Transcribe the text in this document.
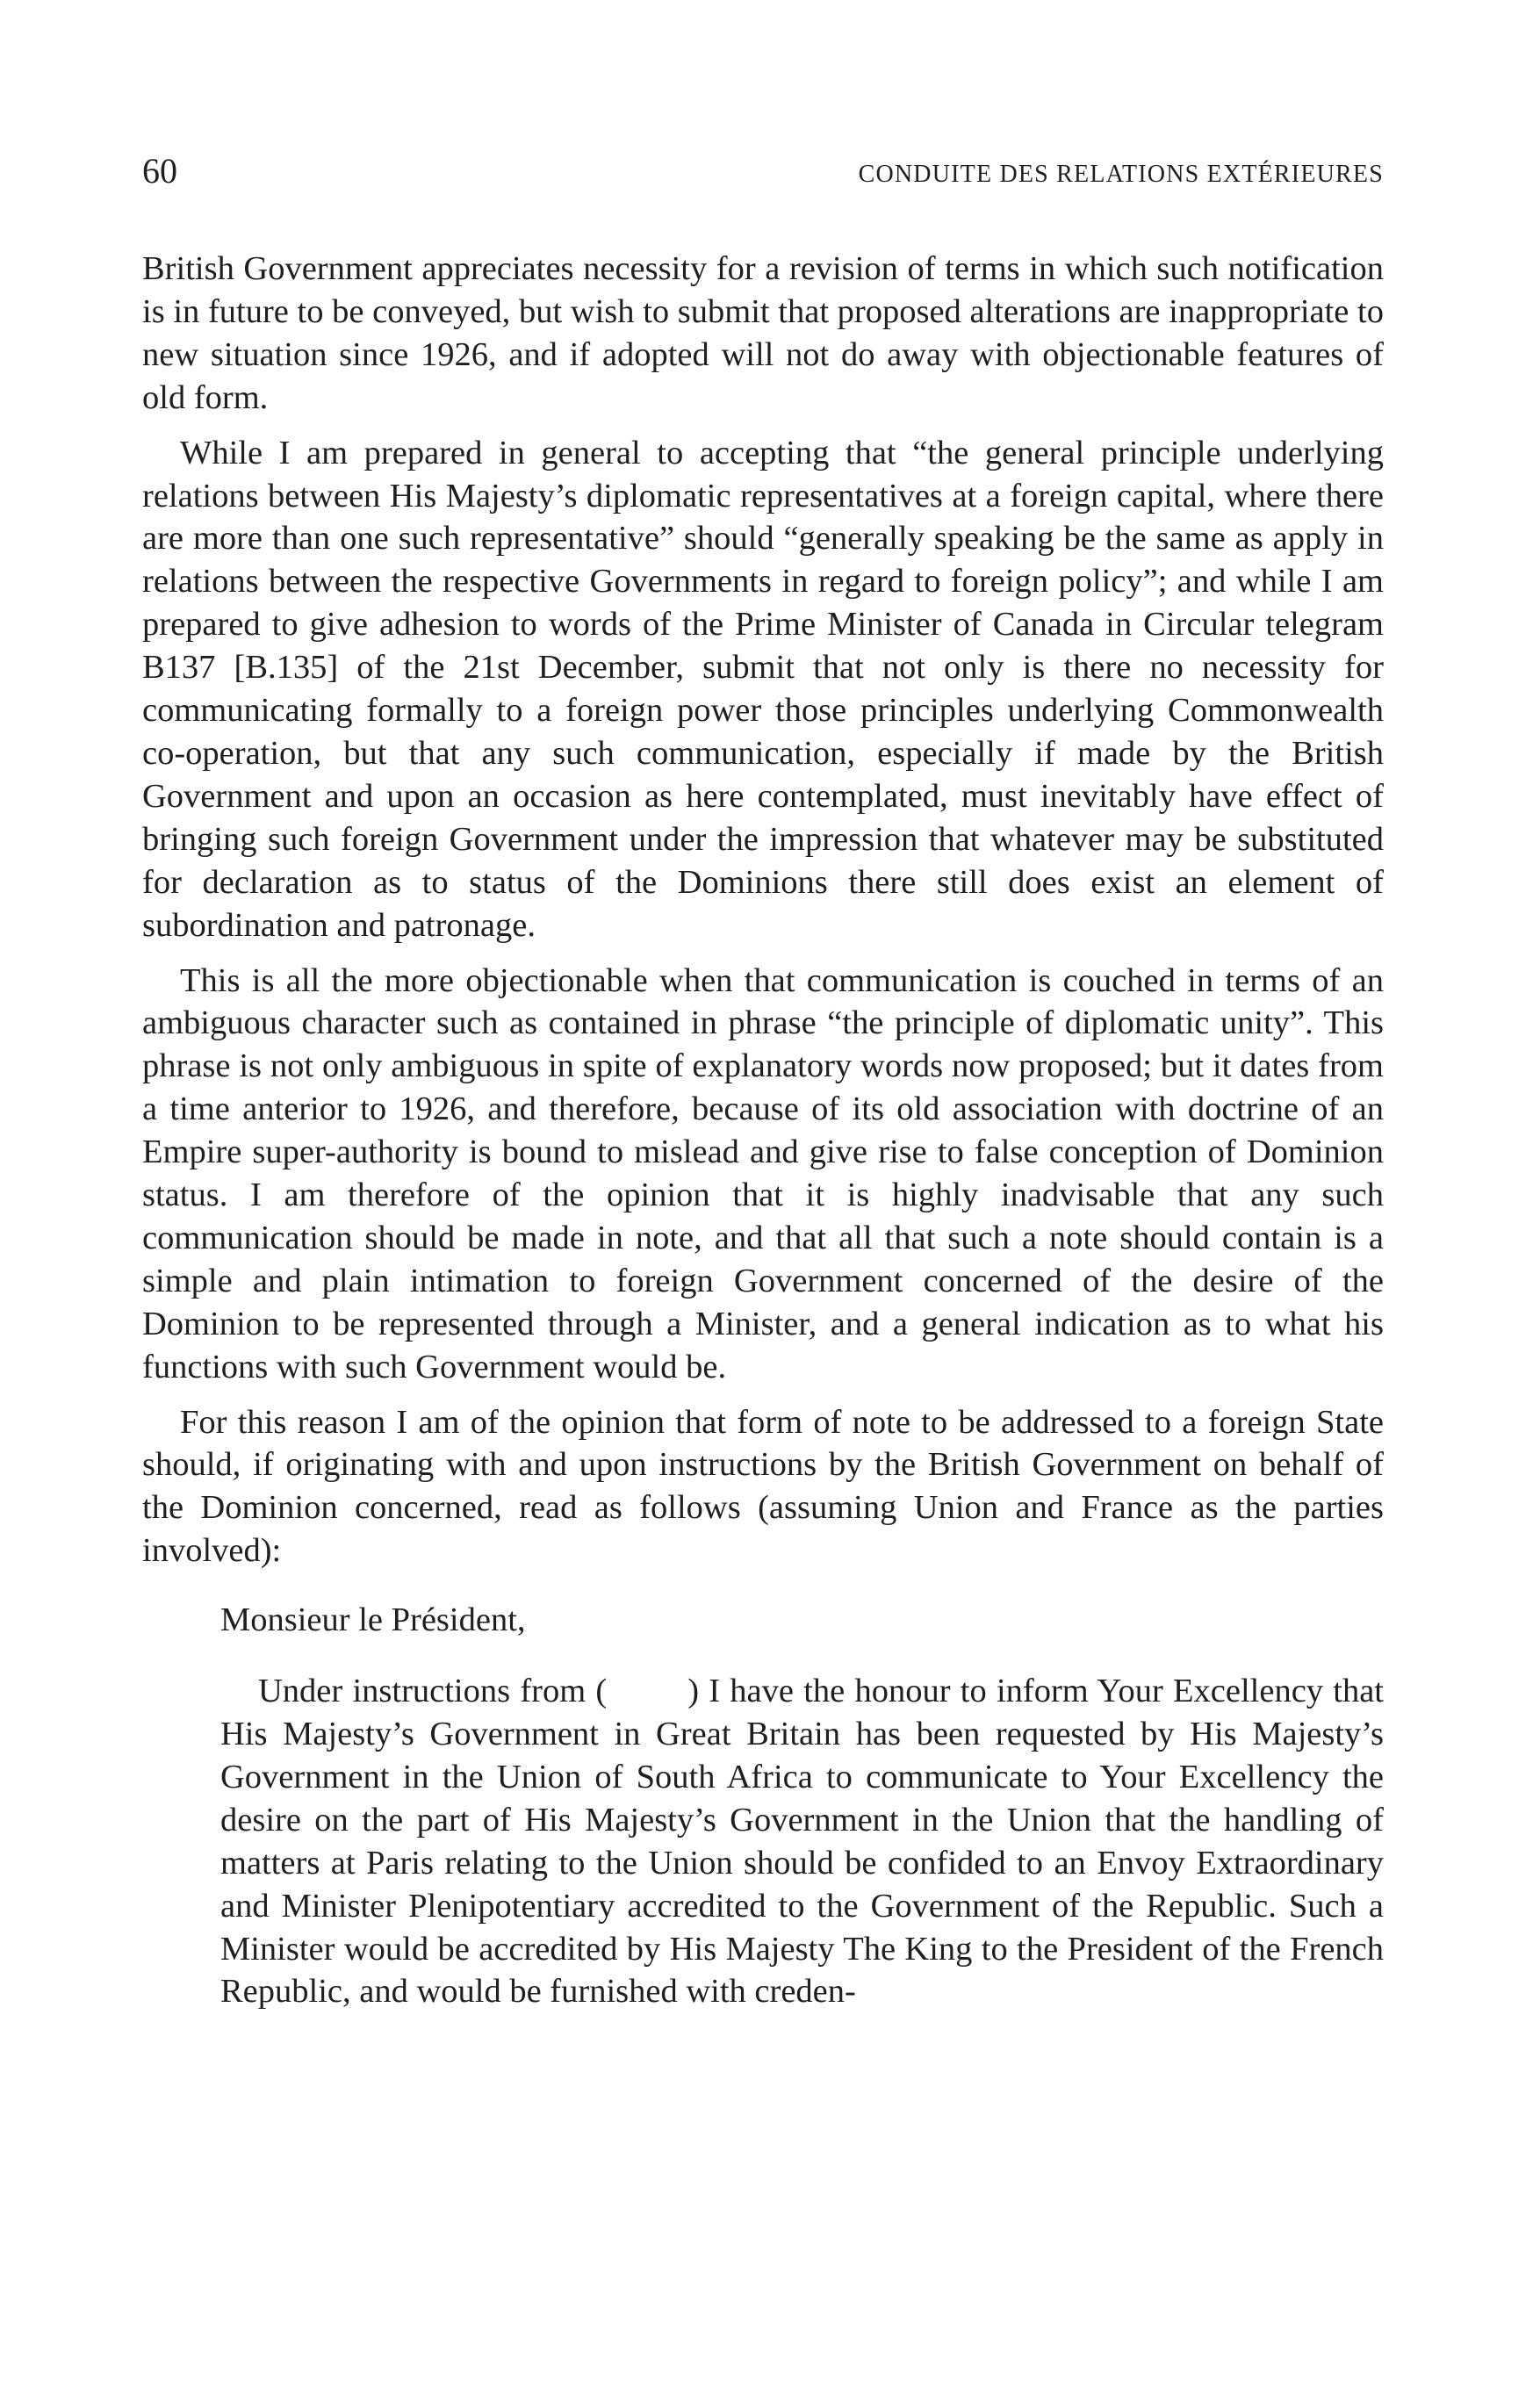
60	CONDUITE DES RELATIONS EXTÉRIEURES

British Government appreciates necessity for a revision of terms in which such notification is in future to be conveyed, but wish to submit that proposed alterations are inappropriate to new situation since 1926, and if adopted will not do away with objectionable features of old form.

While I am prepared in general to accepting that “the general principle underlying relations between His Majesty’s diplomatic representatives at a foreign capital, where there are more than one such representative” should “generally speaking be the same as apply in relations between the respective Governments in regard to foreign policy”; and while I am prepared to give adhesion to words of the Prime Minister of Canada in Circular telegram B137 [B.135] of the 21st December, submit that not only is there no necessity for communicating formally to a foreign power those principles underlying Commonwealth co-operation, but that any such communication, especially if made by the British Government and upon an occasion as here contemplated, must inevitably have effect of bringing such foreign Government under the impression that whatever may be substituted for declaration as to status of the Dominions there still does exist an element of subordination and patronage.

This is all the more objectionable when that communication is couched in terms of an ambiguous character such as contained in phrase “the principle of diplomatic unity”. This phrase is not only ambiguous in spite of explanatory words now proposed; but it dates from a time anterior to 1926, and therefore, because of its old association with doctrine of an Empire super-authority is bound to mislead and give rise to false conception of Dominion status. I am therefore of the opinion that it is highly inadvisable that any such communication should be made in note, and that all that such a note should contain is a simple and plain intimation to foreign Government concerned of the desire of the Dominion to be represented through a Minister, and a general indication as to what his functions with such Government would be.

For this reason I am of the opinion that form of note to be addressed to a foreign State should, if originating with and upon instructions by the British Government on behalf of the Dominion concerned, read as follows (assuming Union and France as the parties involved):

Monsieur le Président,

Under instructions from ( ) I have the honour to inform Your Excellency that His Majesty’s Government in Great Britain has been requested by His Majesty’s Government in the Union of South Africa to communicate to Your Excellency the desire on the part of His Majesty’s Government in the Union that the handling of matters at Paris relating to the Union should be confided to an Envoy Extraordinary and Minister Plenipotentiary accredited to the Government of the Republic. Such a Minister would be accredited by His Majesty The King to the President of the French Republic, and would be furnished with creden-
